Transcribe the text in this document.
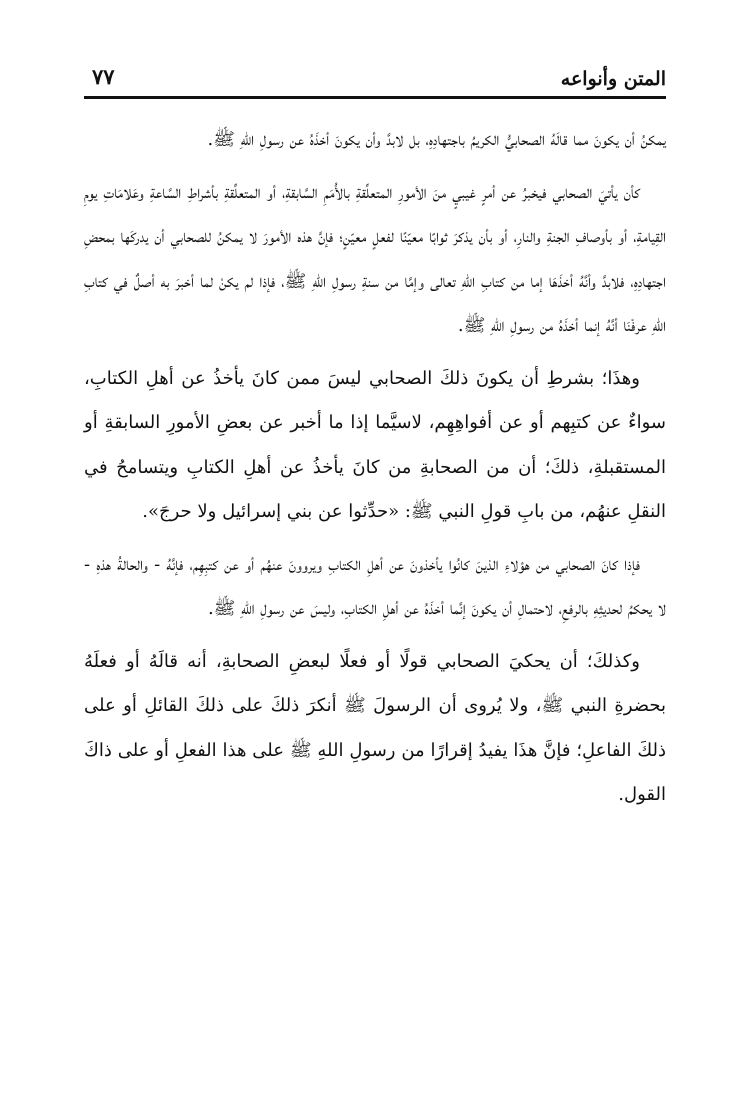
المتن وأنواعه
٧٧

يمكنُ أن يكونَ مما قالَهُ الصحابيُّ الكريمُ باجتهادِهِ، بل لابدَّ وأن يكونَ أخذَهُ عن رسولِ اللهِ ﷺ.

كأن يأتيَ الصحابي فيخبرُ عن أمرٍ غيبيٍ منَ الأمورِ المتعلِّقةِ بالأُمَمِ السَّابقةِ، أو المتعلِّقةِ بأشراطِ السَّاعةِ وعَلامَاتِ يومِ القِيامةِ، أو بأوصافِ الجنةِ والنارِ، أو بأن يذكرَ ثوابًا معيّنًا لفعلٍ معيّنٍ؛ فإنَّ هذه الأمورَ لا يمكنُ للصحابي أن يدركَها بمحضِ اجتهادِهِ، فلابدَّ وأنَّهُ أخذَهَا إما من كتابِ اللهِ تعالى وإمَّا من سنةِ رسولِ اللهِ ﷺ، فإذا لم يكنْ لما أخبرَ به أصلٌ في كتابِ اللهِ عرفْنَا أنَّهُ إنما أخذَهُ من رسولِ اللهِ ﷺ.

وهذَا؛ بشرطِ أن يكونَ ذلكَ الصحابي ليسَ ممن كانَ يأخذُ عن أهلِ الكتابِ، سواءٌ عن كتبِهم أو عن أفواهِهِم، لاسيَّما إذا ما أخبر عن بعضِ الأمورِ السابقةِ أو المستقبلةِ، ذلكَ؛ أن من الصحابةِ من كانَ يأخذُ عن أهلِ الكتابِ ويتسامحُ في النقلِ عنهُم، من بابِ قولِ النبي ﷺ: «حدِّثوا عن بني إسرائيل ولا حرجَ».

فإذا كانَ الصحابي من هؤلاءِ الذينَ كانُوا يأخذونَ عن أهلِ الكتابِ ويروونَ عنهُم أو عن كتبِهِم، فإنَّهُ - والحالةُ هذهِ - لا يحكمُ لحديثِهِ بالرفعِ، لاحتمالِ أن يكونَ إنَّما أخذَهُ عن أهلِ الكتابِ، وليسَ عن رسولِ اللهِ ﷺ.

وكذلكَ؛ أن يحكيَ الصحابي قولًا أو فعلًا لبعضِ الصحابةِ، أنه قالَهُ أو فعلَهُ بحضرةِ النبي ﷺ، ولا يُروى أن الرسولَ ﷺ أنكرَ ذلكَ على ذلكَ القائلِ أو على ذلكَ الفاعلِ؛ فإنَّ هذَا يفيدُ إقرارًا من رسولِ اللهِ ﷺ على هذا الفعلِ أو على ذاكَ القول.
